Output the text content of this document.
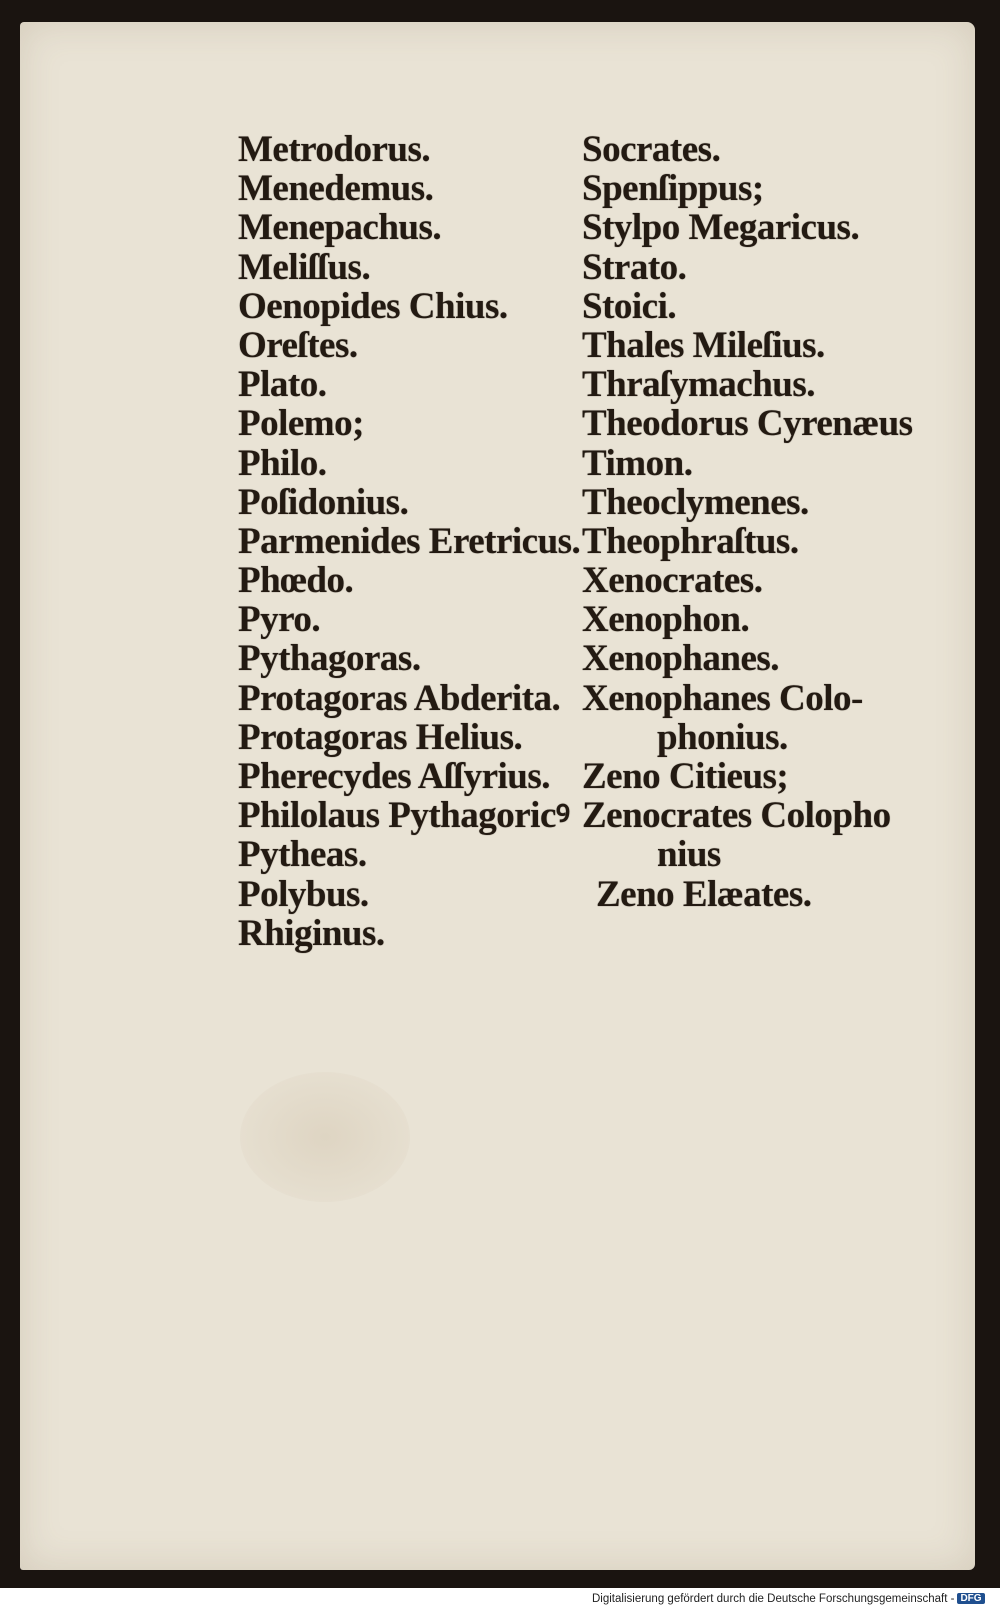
Metrodorus.
Menedemus.
Menepachus.
Meliſſus.
Oenopides Chius.
Oreſtes.
Plato.
Polemo;
Philo.
Poſidonius.
Parmenides Eretricus.
Phœdo.
Pyro.
Pythagoras.
Protagoras Abderita.
Protagoras Helius.
Pherecydes Aſſyrius.
Philolaus Pythagoricꝰ
Pytheas.
Polybus.
Rhiginus.
Socrates.
Spenſippus;
Stylpo Megaricus.
Strato.
Stoici.
Thales Mileſius.
Thraſymachus.
Theodorus Cyrenæus
Timon.
Theoclymenes.
Theophraſtus.
Xenocrates.
Xenophon.
Xenophanes.
Xenophanes Colo-
phonius.
Zeno Citieus;
Zenocrates Colopho
nius
Zeno Elæates.
Digitalisierung gefördert durch die Deutsche Forschungsgemeinschaft - DFG
